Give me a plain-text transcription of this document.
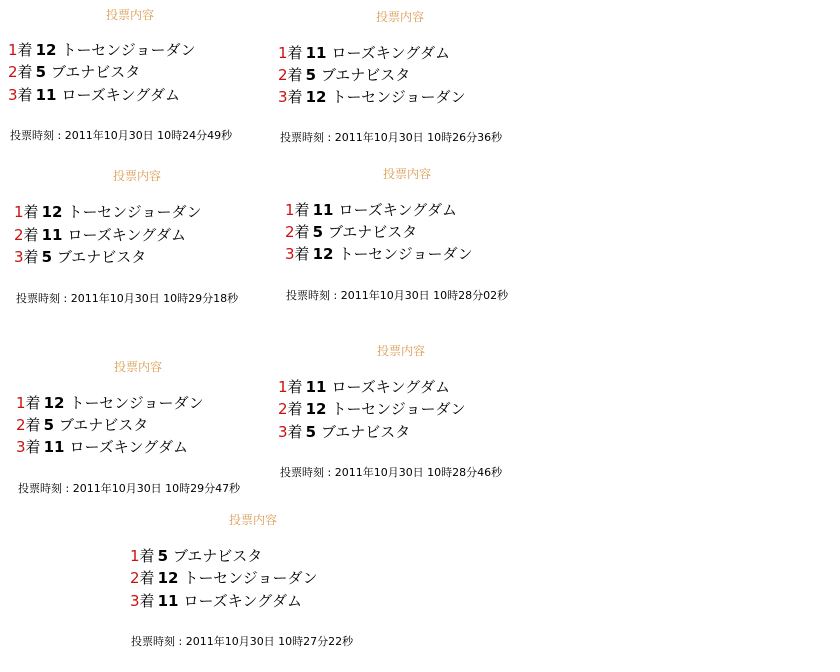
投票内容
1着 12 トーセンジョーダン
2着 5 ブエナビスタ
3着 11 ローズキングダム
投票時刻 : 2011年10月30日 10時24分49秒
投票内容
1着 11 ローズキングダム
2着 5 ブエナビスタ
3着 12 トーセンジョーダン
投票時刻 : 2011年10月30日 10時26分36秒
投票内容
1着 12 トーセンジョーダン
2着 11 ローズキングダム
3着 5 ブエナビスタ
投票時刻 : 2011年10月30日 10時29分18秒
投票内容
1着 11 ローズキングダム
2着 5 ブエナビスタ
3着 12 トーセンジョーダン
投票時刻 : 2011年10月30日 10時28分02秒
投票内容
1着 12 トーセンジョーダン
2着 5 ブエナビスタ
3着 11 ローズキングダム
投票時刻 : 2011年10月30日 10時29分47秒
投票内容
1着 11 ローズキングダム
2着 12 トーセンジョーダン
3着 5 ブエナビスタ
投票時刻 : 2011年10月30日 10時28分46秒
投票内容
1着 5 ブエナビスタ
2着 12 トーセンジョーダン
3着 11 ローズキングダム
投票時刻 : 2011年10月30日 10時27分22秒
